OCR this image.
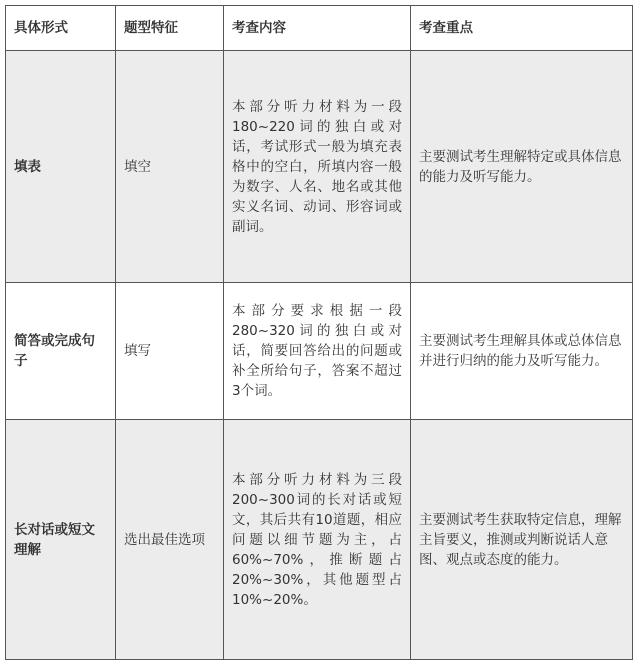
具体形式	题型特征	考查内容	考查重点
填表	填空	本部分听力材料为一段180~220词的独白或对话，考试形式一般为填充表格中的空白，所填内容一般为数字、人名、地名或其他实义名词、动词、形容词或副词。	主要测试考生理解特定或具体信息的能力及听写能力。
简答或完成句子	填写	本部分要求根据一段280~320词的独白或对话，简要回答给出的问题或补全所给句子，答案不超过3个词。	主要测试考生理解具体或总体信息并进行归纳的能力及听写能力。
长对话或短文理解	选出最佳选项	本部分听力材料为三段200~300词的长对话或短文，其后共有10道题，相应问题以细节题为主，占60%~70%，推断题占20%~30%，其他题型占10%~20%。	主要测试考生获取特定信息，理解主旨要义，推测或判断说话人意图、观点或态度的能力。
